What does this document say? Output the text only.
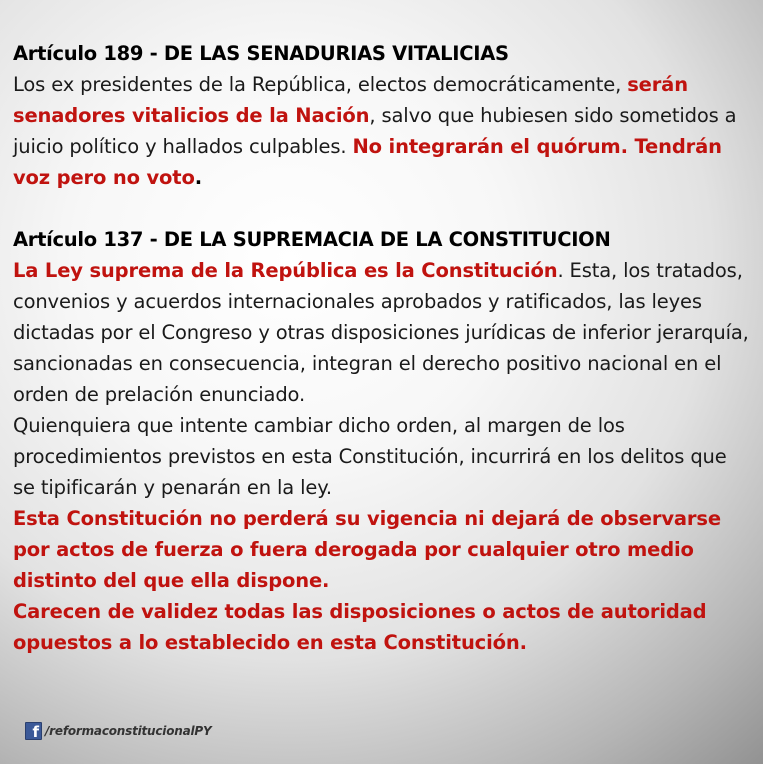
Artículo 189 - DE LAS SENADURIAS VITALICIAS

Los ex presidentes de la República, electos democráticamente, serán senadores vitalicios de la Nación, salvo que hubiesen sido sometidos a juicio político y hallados culpables. No integrarán el quórum. Tendrán voz pero no voto.

Artículo 137 - DE LA SUPREMACIA DE LA CONSTITUCION

La Ley suprema de la República es la Constitución. Esta, los tratados, convenios y acuerdos internacionales aprobados y ratificados, las leyes dictadas por el Congreso y otras disposiciones jurídicas de inferior jerarquía, sancionadas en consecuencia, integran el derecho positivo nacional en el orden de prelación enunciado.

Quienquiera que intente cambiar dicho orden, al margen de los procedimientos previstos en esta Constitución, incurrirá en los delitos que se tipificarán y penarán en la ley.

Esta Constitución no perderá su vigencia ni dejará de observarse por actos de fuerza o fuera derogada por cualquier otro medio distinto del que ella dispone.

Carecen de validez todas las disposiciones o actos de autoridad opuestos a lo establecido en esta Constitución.

f /reformaconstitucionalPY
